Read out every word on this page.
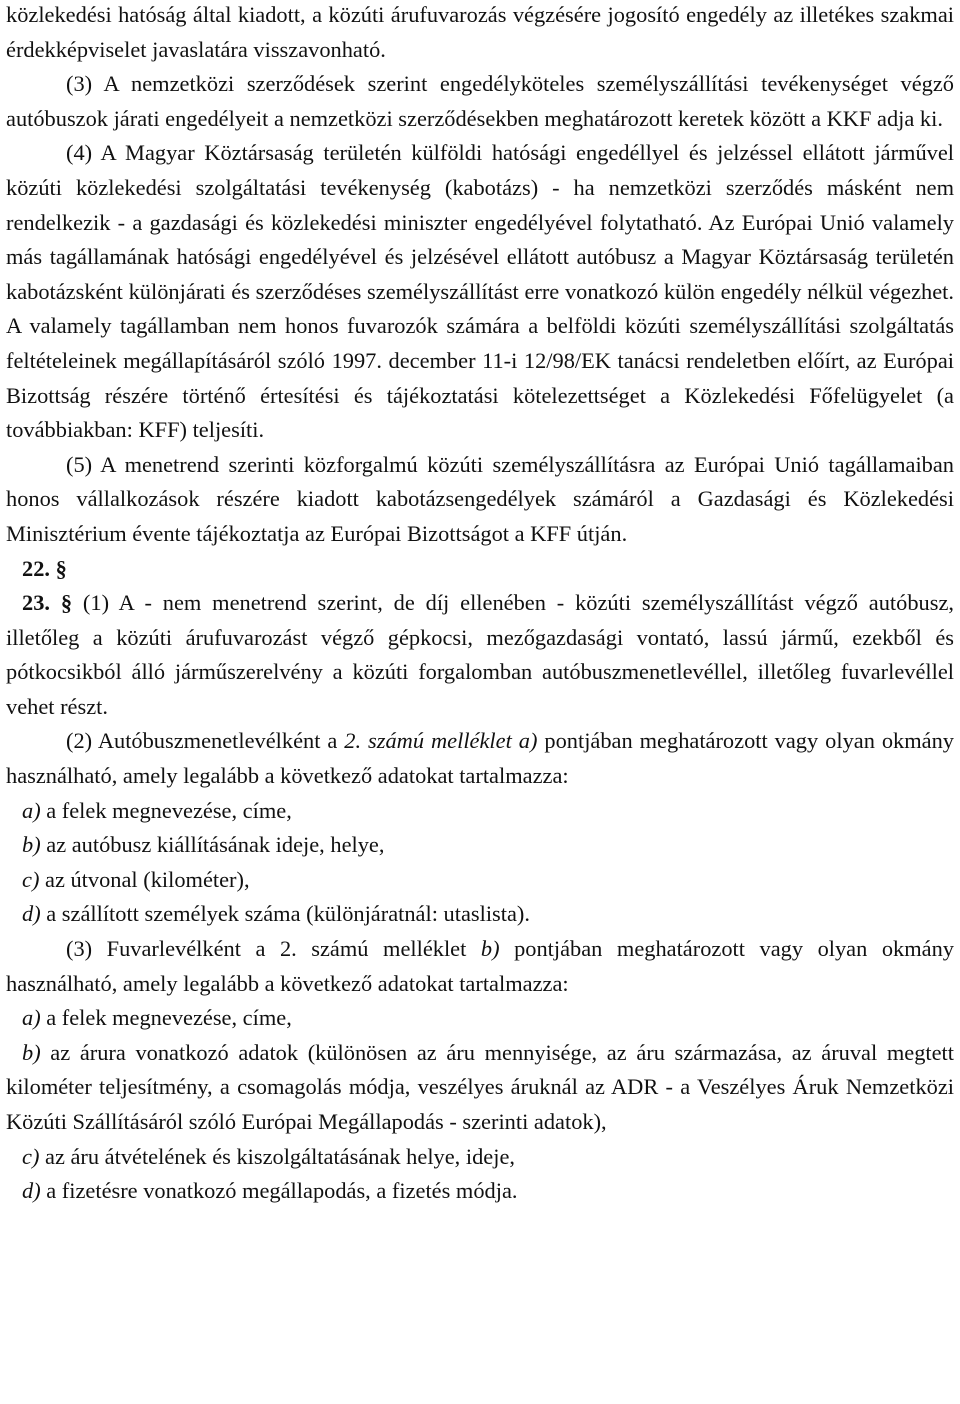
közlekedési hatóság által kiadott, a közúti árufuvarozás végzésére jogosító engedély az illetékes szakmai érdekképviselet javaslatára visszavonható.

(3) A nemzetközi szerződések szerint engedélyköteles személyszállítási tevékenységet végző autóbuszok járati engedélyeit a nemzetközi szerződésekben meghatározott keretek között a KKF adja ki.

(4) A Magyar Köztársaság területén külföldi hatósági engedéllyel és jelzéssel ellátott járművel közúti közlekedési szolgáltatási tevékenység (kabotázs) - ha nemzetközi szerződés másként nem rendelkezik - a gazdasági és közlekedési miniszter engedélyével folytatható. Az Európai Unió valamely más tagállamának hatósági engedélyével és jelzésével ellátott autóbusz a Magyar Köztársaság területén kabotázsként különjárati és szerződéses személyszállítást erre vonatkozó külön engedély nélkül végezhet. A valamely tagállamban nem honos fuvarozók számára a belföldi közúti személyszállítási szolgáltatás feltételeinek megállapításáról szóló 1997. december 11-i 12/98/EK tanácsi rendeletben előírt, az Európai Bizottság részére történő értesítési és tájékoztatási kötelezettséget a Közlekedési Főfelügyelet (a továbbiakban: KFF) teljesíti.

(5) A menetrend szerinti közforgalmú közúti személyszállításra az Európai Unió tagállamaiban honos vállalkozások részére kiadott kabotázsengedélyek számáról a Gazdasági és Közlekedési Minisztérium évente tájékoztatja az Európai Bizottságot a KFF útján.

22. §

23. § (1) A - nem menetrend szerint, de díj ellenében - közúti személyszállítást végző autóbusz, illetőleg a közúti árufuvarozást végző gépkocsi, mezőgazdasági vontató, lassú jármű, ezekből és pótkocsikból álló járműszerelvény a közúti forgalomban autóbuszmenetlevéllel, illetőleg fuvarlevéllel vehet részt.

(2) Autóbuszmenetlevélként a 2. számú melléklet a) pontjában meghatározott vagy olyan okmány használható, amely legalább a következő adatokat tartalmazza:

a) a felek megnevezése, címe,

b) az autóbusz kiállításának ideje, helye,

c) az útvonal (kilométer),

d) a szállított személyek száma (különjáratnál: utaslista).

(3) Fuvarlevélként a 2. számú melléklet b) pontjában meghatározott vagy olyan okmány használható, amely legalább a következő adatokat tartalmazza:

a) a felek megnevezése, címe,

b) az árura vonatkozó adatok (különösen az áru mennyisége, az áru származása, az áruval megtett kilométer teljesítmény, a csomagolás módja, veszélyes áruknál az ADR - a Veszélyes Áruk Nemzetközi Közúti Szállításáról szóló Európai Megállapodás - szerinti adatok),

c) az áru átvételének és kiszolgáltatásának helye, ideje,

d) a fizetésre vonatkozó megállapodás, a fizetés módja.
